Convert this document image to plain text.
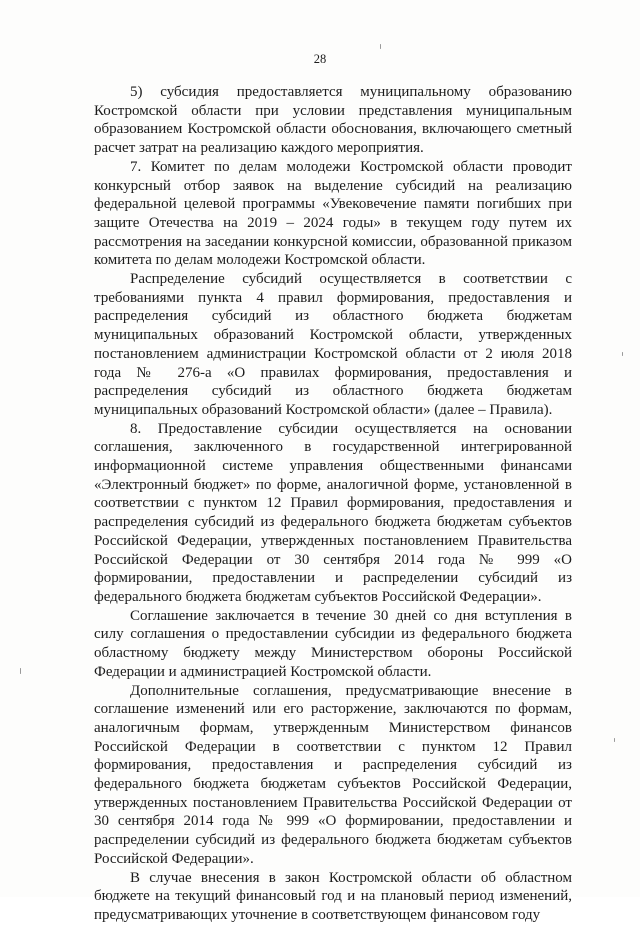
28

5) субсидия предоставляется муниципальному образованию Костромской области при условии представления муниципальным образованием Костромской области обоснования, включающего сметный расчет затрат на реализацию каждого мероприятия.

7. Комитет по делам молодежи Костромской области проводит конкурсный отбор заявок на выделение субсидий на реализацию федеральной целевой программы «Увековечение памяти погибших при защите Отечества на 2019 – 2024 годы» в текущем году путем их рассмотрения на заседании конкурсной комиссии, образованной приказом комитета по делам молодежи Костромской области.

Распределение субсидий осуществляется в соответствии с требованиями пункта 4 правил формирования, предоставления и распределения субсидий из областного бюджета бюджетам муниципальных образований Костромской области, утвержденных постановлением администрации Костромской области от 2 июля 2018 года № 276-а «О правилах формирования, предоставления и распределения субсидий из областного бюджета бюджетам муниципальных образований Костромской области» (далее – Правила).

8. Предоставление субсидии осуществляется на основании соглашения, заключенного в государственной интегрированной информационной системе управления общественными финансами «Электронный бюджет» по форме, аналогичной форме, установленной в соответствии с пунктом 12 Правил формирования, предоставления и распределения субсидий из федерального бюджета бюджетам субъектов Российской Федерации, утвержденных постановлением Правительства Российской Федерации от 30 сентября 2014 года № 999 «О формировании, предоставлении и распределении субсидий из федерального бюджета бюджетам субъектов Российской Федерации».

Соглашение заключается в течение 30 дней со дня вступления в силу соглашения о предоставлении субсидии из федерального бюджета областному бюджету между Министерством обороны Российской Федерации и администрацией Костромской области.

Дополнительные соглашения, предусматривающие внесение в соглашение изменений или его расторжение, заключаются по формам, аналогичным формам, утвержденным Министерством финансов Российской Федерации в соответствии с пунктом 12 Правил формирования, предоставления и распределения субсидий из федерального бюджета бюджетам субъектов Российской Федерации, утвержденных постановлением Правительства Российской Федерации от 30 сентября 2014 года № 999 «О формировании, предоставлении и распределении субсидий из федерального бюджета бюджетам субъектов Российской Федерации».

В случае внесения в закон Костромской области об областном бюджете на текущий финансовый год и на плановый период изменений, предусматривающих уточнение в соответствующем финансовом году
